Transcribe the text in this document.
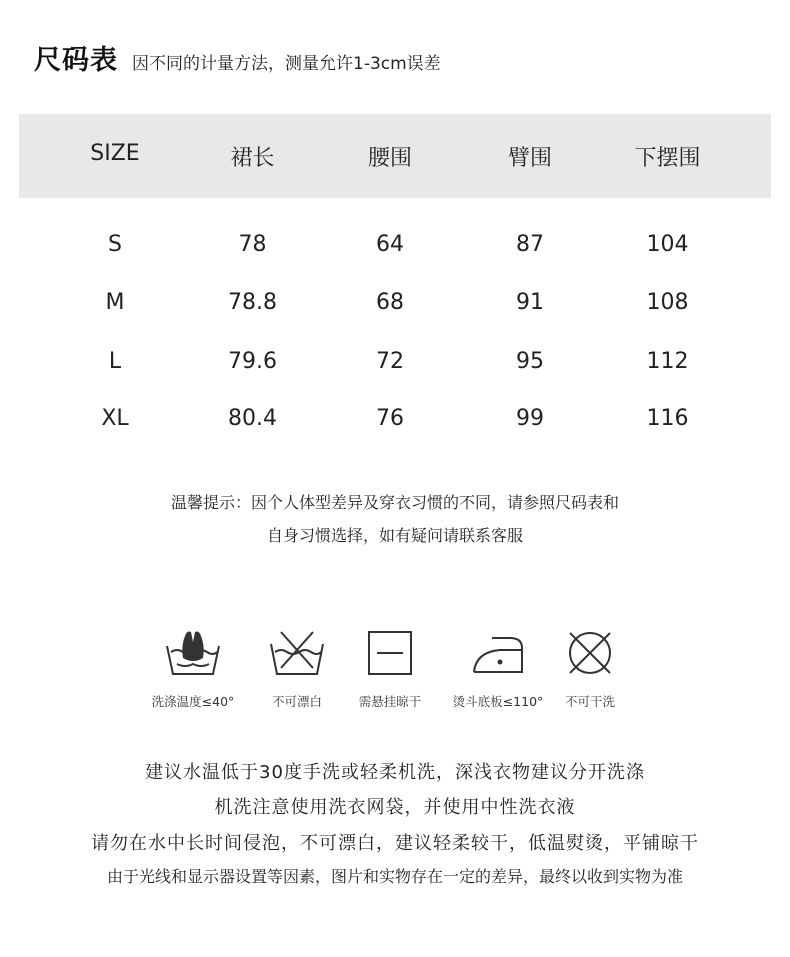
尺码表 因不同的计量方法，测量允许1-3cm误差
SIZE	裙长	腰围	臂围	下摆围
S	78	64	87	104
M	78.8	68	91	108
L	79.6	72	95	112
XL	80.4	76	99	116
温馨提示：因个人体型差异及穿衣习惯的不同，请参照尺码表和
自身习惯选择，如有疑问请联系客服
洗涤温度≤40°	不可漂白	需悬挂晾干	烫斗底板≤110°	不可干洗
建议水温低于30度手洗或轻柔机洗，深浅衣物建议分开洗涤
机洗注意使用洗衣网袋，并使用中性洗衣液
请勿在水中长时间侵泡，不可漂白，建议轻柔较干，低温熨烫，平铺晾干
由于光线和显示器设置等因素，图片和实物存在一定的差异，最终以收到实物为准
